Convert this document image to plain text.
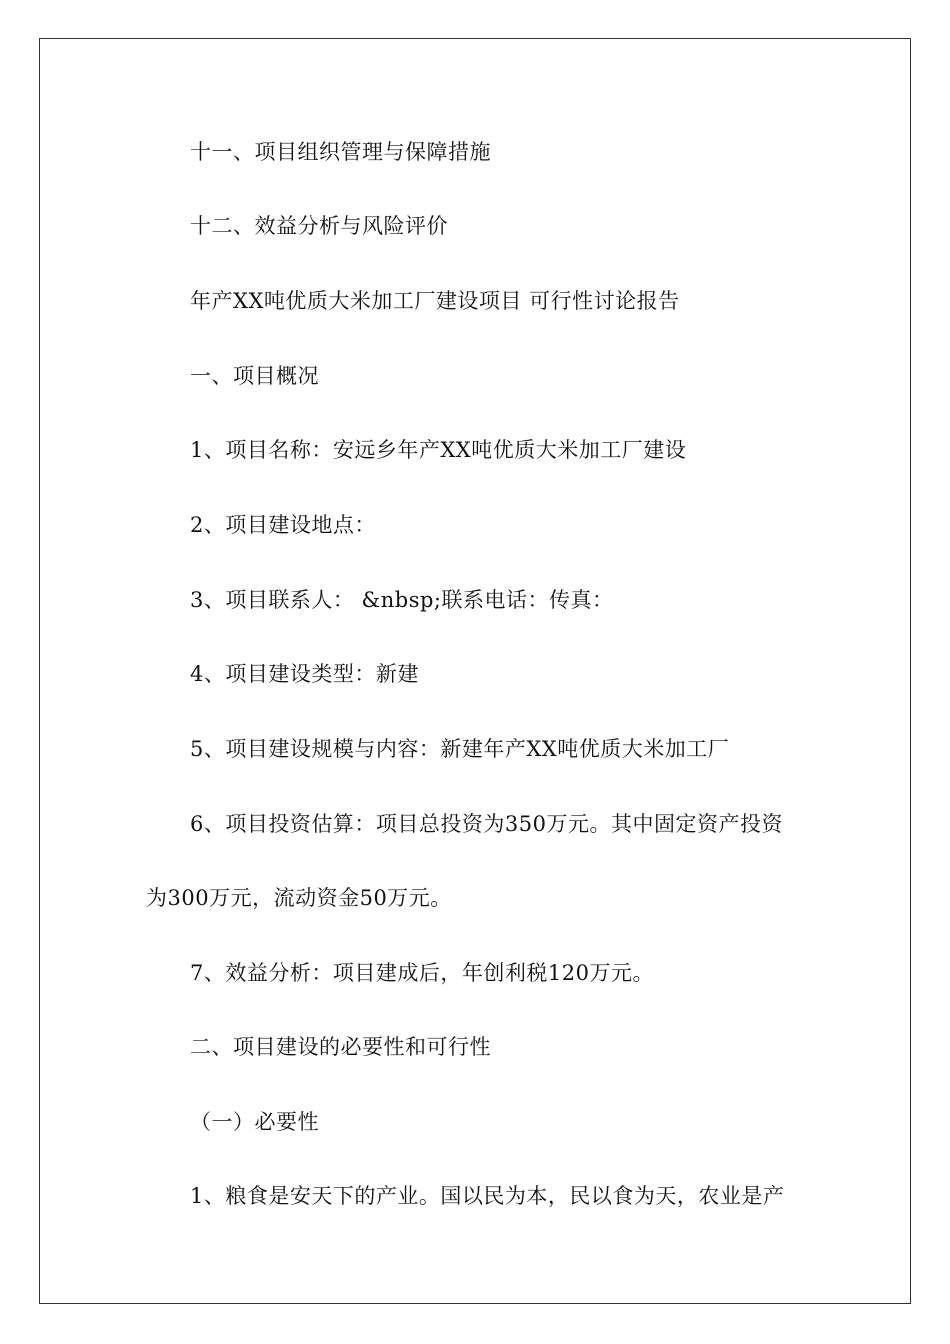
十一、项目组织管理与保障措施
十二、效益分析与风险评价
年产XX吨优质大米加工厂建设项目 可行性讨论报告
一、项目概况
1、项目名称：安远乡年产XX吨优质大米加工厂建设
2、项目建设地点：
3、项目联系人： &nbsp;联系电话：传真：
4、项目建设类型：新建
5、项目建设规模与内容：新建年产XX吨优质大米加工厂
6、项目投资估算：项目总投资为350万元。其中固定资产投资
为300万元，流动资金50万元。
7、效益分析：项目建成后，年创利税120万元。
二、项目建设的必要性和可行性
（一）必要性
1、粮食是安天下的产业。国以民为本，民以食为天，农业是产
